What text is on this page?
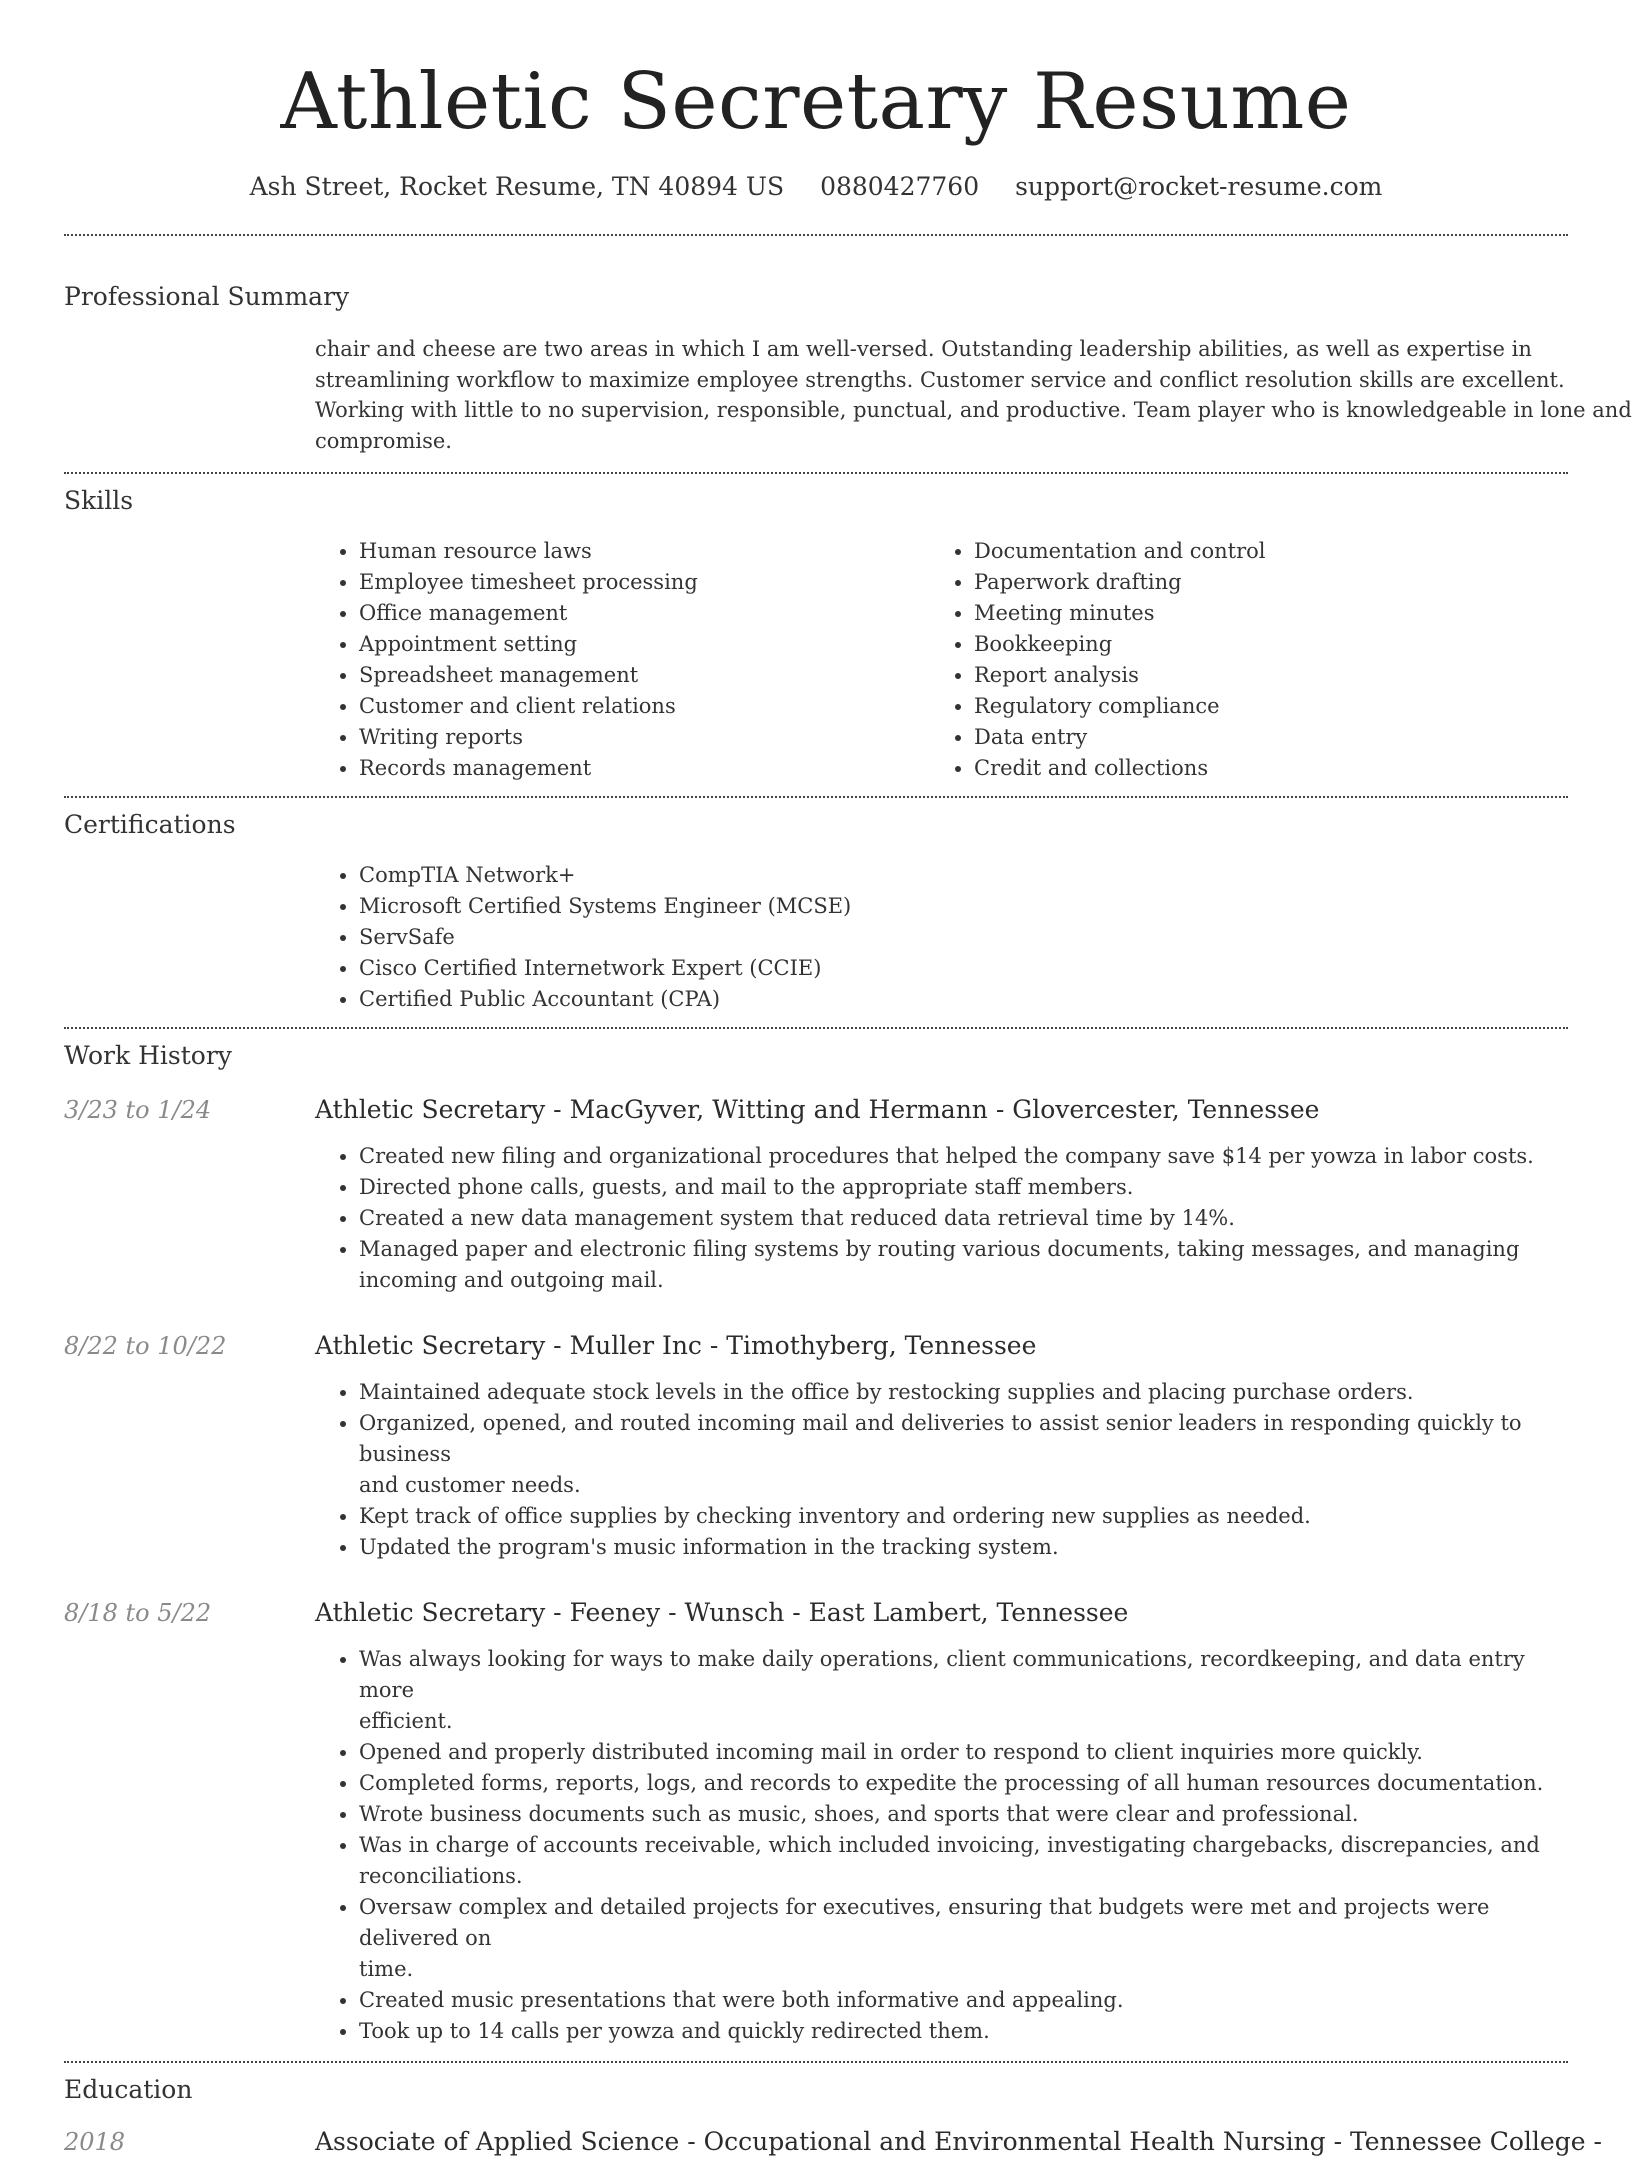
Athletic Secretary Resume
Ash Street, Rocket Resume, TN 40894 US 0880427760 support@rocket-resume.com
Professional Summary
chair and cheese are two areas in which I am well-versed. Outstanding leadership abilities, as well as expertise in
streamlining workflow to maximize employee strengths. Customer service and conflict resolution skills are excellent.
Working with little to no supervision, responsible, punctual, and productive. Team player who is knowledgeable in lone and
compromise.
Skills
• Human resource laws
• Employee timesheet processing
• Office management
• Appointment setting
• Spreadsheet management
• Customer and client relations
• Writing reports
• Records management
• Documentation and control
• Paperwork drafting
• Meeting minutes
• Bookkeeping
• Report analysis
• Regulatory compliance
• Data entry
• Credit and collections
Certifications
• CompTIA Network+
• Microsoft Certified Systems Engineer (MCSE)
• ServSafe
• Cisco Certified Internetwork Expert (CCIE)
• Certified Public Accountant (CPA)
Work History
3/23 to 1/24	Athletic Secretary - MacGyver, Witting and Hermann - Glovercester, Tennessee
• Created new filing and organizational procedures that helped the company save $14 per yowza in labor costs.
• Directed phone calls, guests, and mail to the appropriate staff members.
• Created a new data management system that reduced data retrieval time by 14%.
• Managed paper and electronic filing systems by routing various documents, taking messages, and managing
incoming and outgoing mail.
8/22 to 10/22	Athletic Secretary - Muller Inc - Timothyberg, Tennessee
• Maintained adequate stock levels in the office by restocking supplies and placing purchase orders.
• Organized, opened, and routed incoming mail and deliveries to assist senior leaders in responding quickly to business
and customer needs.
• Kept track of office supplies by checking inventory and ordering new supplies as needed.
• Updated the program's music information in the tracking system.
8/18 to 5/22	Athletic Secretary - Feeney - Wunsch - East Lambert, Tennessee
• Was always looking for ways to make daily operations, client communications, recordkeeping, and data entry more
efficient.
• Opened and properly distributed incoming mail in order to respond to client inquiries more quickly.
• Completed forms, reports, logs, and records to expedite the processing of all human resources documentation.
• Wrote business documents such as music, shoes, and sports that were clear and professional.
• Was in charge of accounts receivable, which included invoicing, investigating chargebacks, discrepancies, and
reconciliations.
• Oversaw complex and detailed projects for executives, ensuring that budgets were met and projects were delivered on
time.
• Created music presentations that were both informative and appealing.
• Took up to 14 calls per yowza and quickly redirected them.
Education
2018	Associate of Applied Science - Occupational and Environmental Health Nursing - Tennessee College -
